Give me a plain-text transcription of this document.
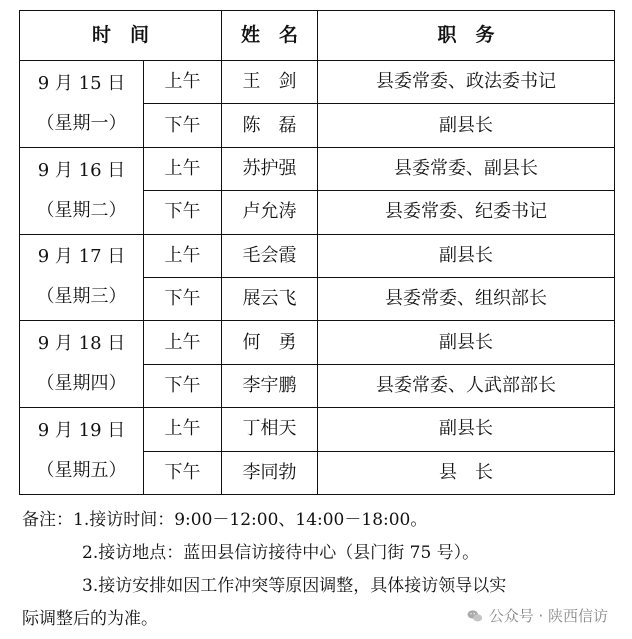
时　间		姓　名	职　务

9 月 15 日
（星期一）	上午	王　剑	县委常委、政法委书记
	下午	陈　磊	副县长

9 月 16 日
（星期二）	上午	苏护强	县委常委、副县长
	下午	卢允涛	县委常委、纪委书记

9 月 17 日
（星期三）	上午	毛会霞	副县长
	下午	展云飞	县委常委、组织部长

9 月 18 日
（星期四）	上午	何　勇	副县长
	下午	李宇鹏	县委常委、人武部部长

9 月 19 日
（星期五）	上午	丁相天	副县长
	下午	李同勃	县　长

备注：1.接访时间：9:00－12:00、14:00－18:00。

2.接访地点：蓝田县信访接待中心（县门街 75 号）。

3.接访安排如因工作冲突等原因调整，具体接访领导以实

际调整后的为准。	公众号 · 陕西信访
